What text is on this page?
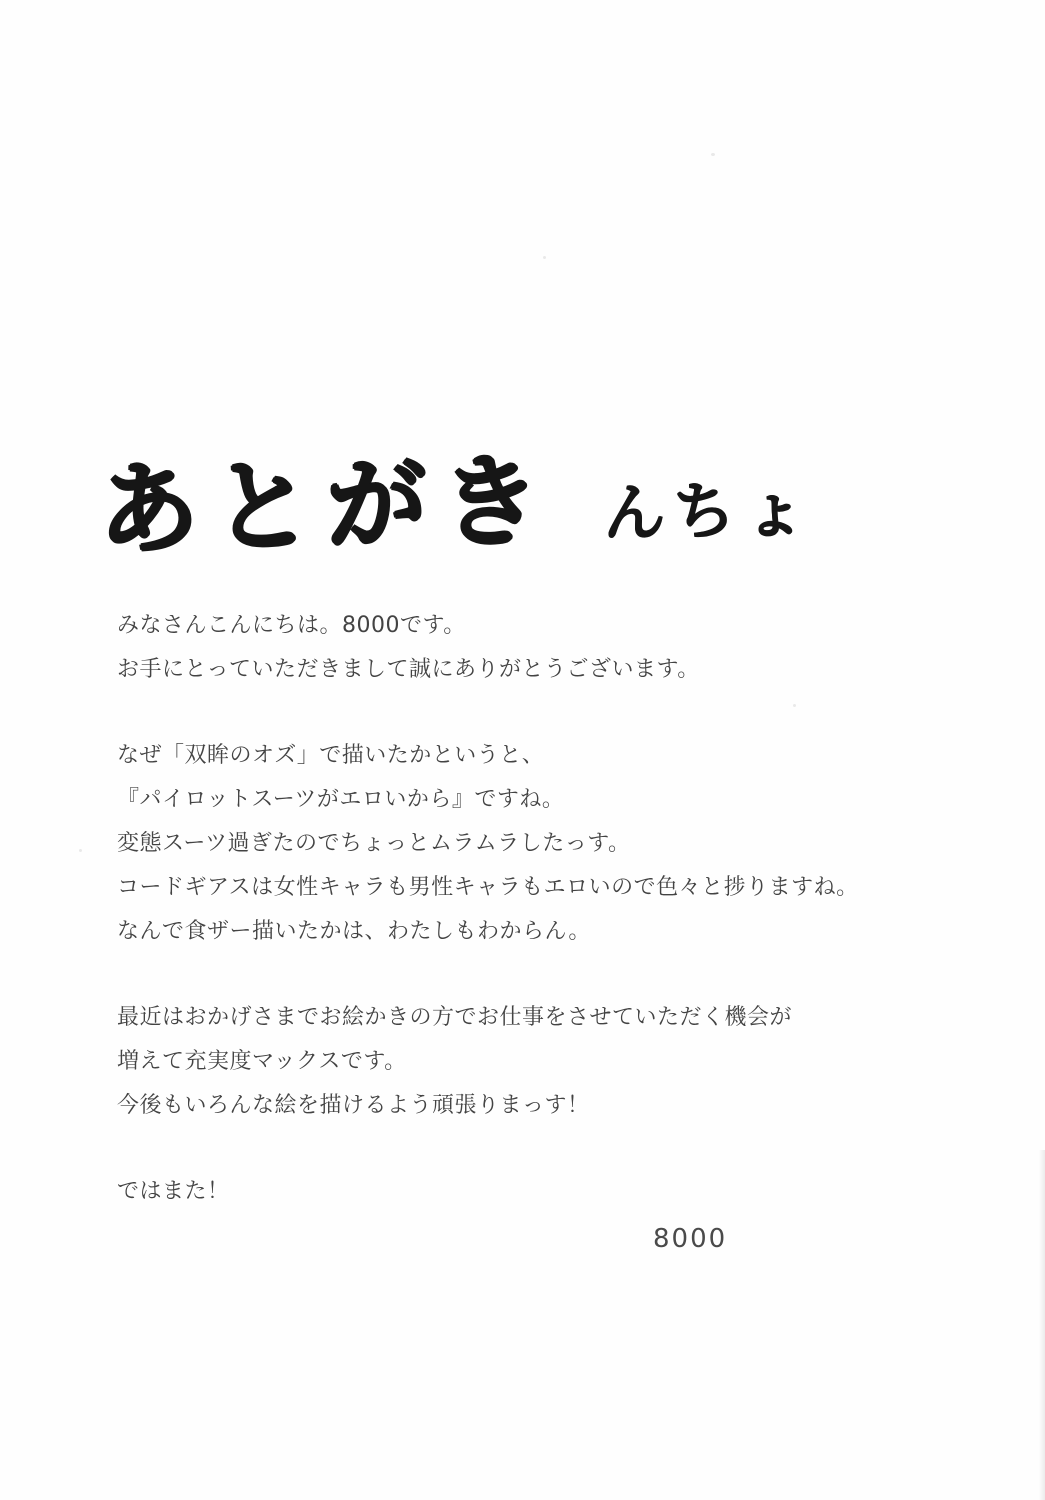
あとがき んちょ
みなさんこんにちは。8000です。
お手にとっていただきまして誠にありがとうございます。
なぜ「双眸のオズ」で描いたかというと、
『パイロットスーツがエロいから』ですね。
変態スーツ過ぎたのでちょっとムラムラしたっす。
コードギアスは女性キャラも男性キャラもエロいので色々と捗りますね。
なんで食ザー描いたかは、わたしもわからん。
最近はおかげさまでお絵かきの方でお仕事をさせていただく機会が
増えて充実度マックスです。
今後もいろんな絵を描けるよう頑張りまっす！
ではまた！
8000
